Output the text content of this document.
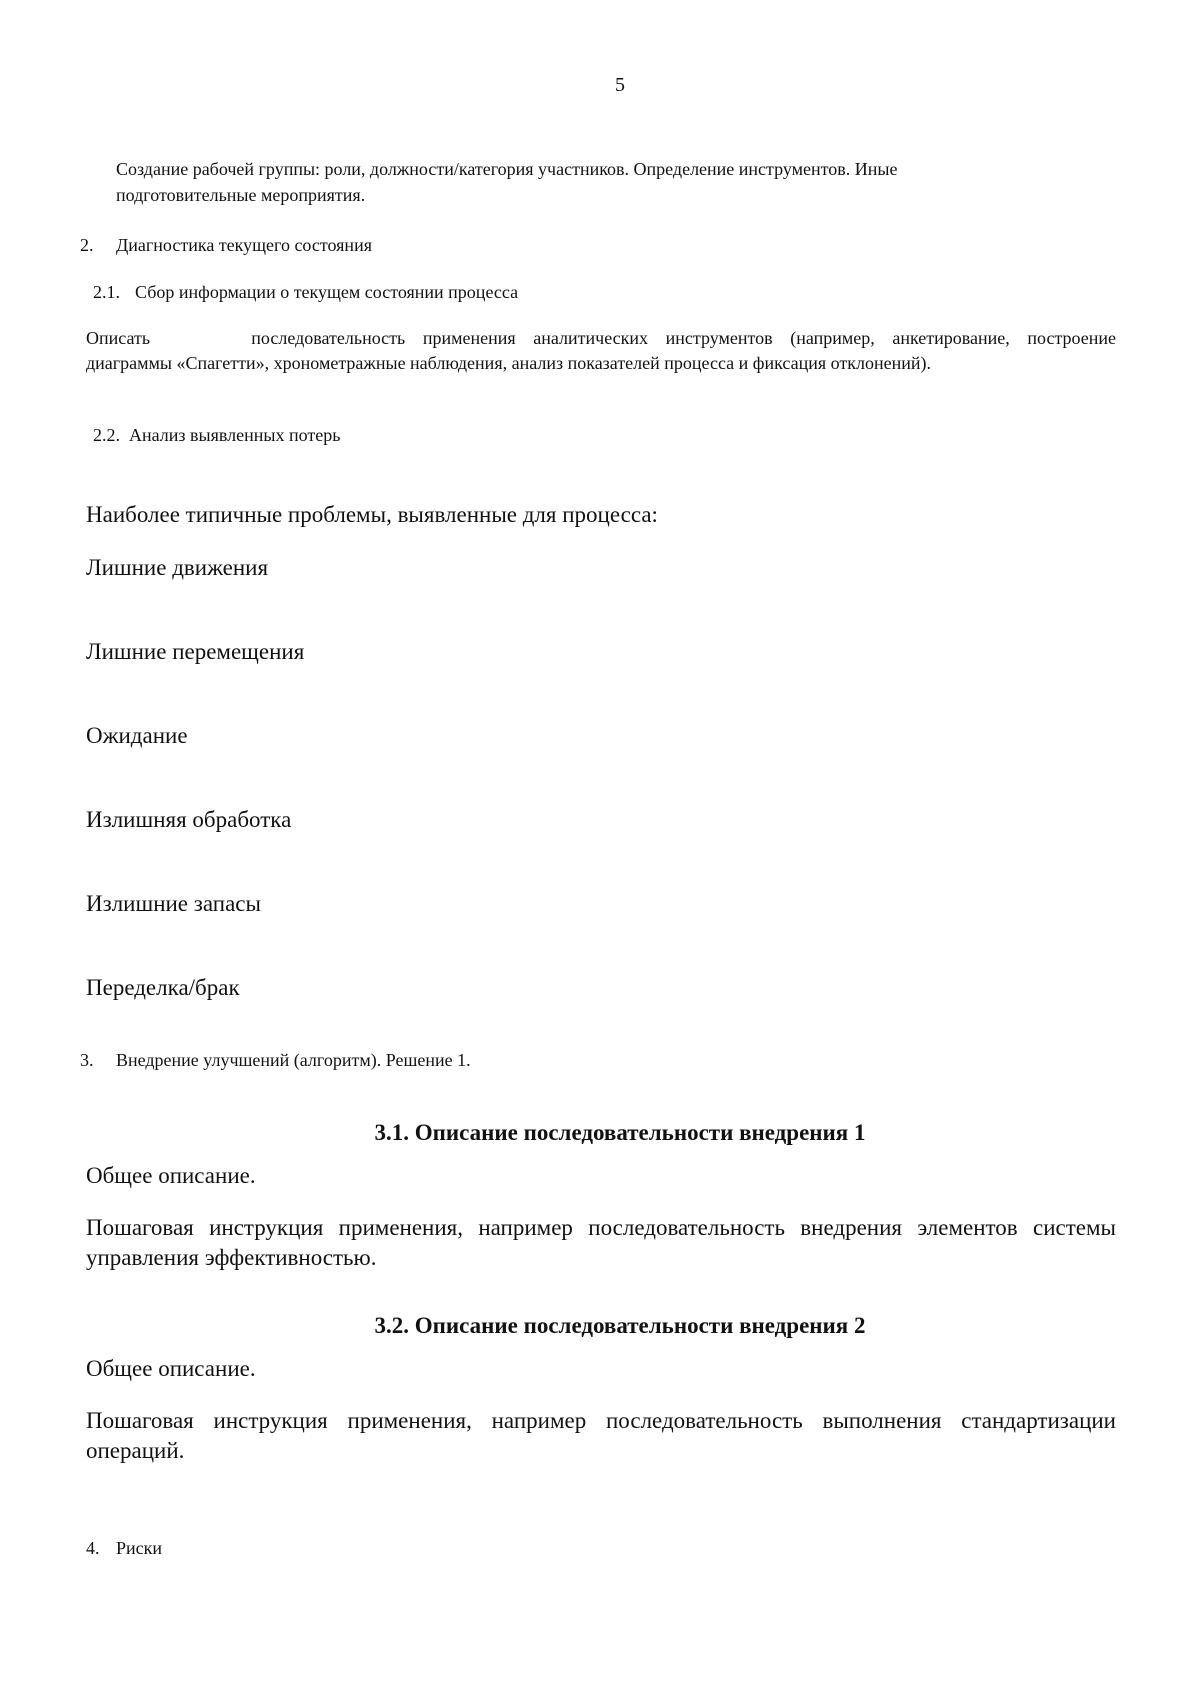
5
Создание рабочей группы: роли, должности/категория участников. Определение инструментов. Иные
подготовительные мероприятия.
2. Диагностика текущего состояния
2.1. Сбор информации о текущем состоянии процесса
Описать	последовательность применения аналитических инструментов (например, анкетирование, построение
диаграммы «Спагетти», хронометражные наблюдения, анализ показателей процесса и фиксация отклонений).
2.2. Анализ выявленных потерь
Наиболее типичные проблемы, выявленные для процесса:
Лишние движения
Лишние перемещения
Ожидание
Излишняя обработка
Излишние запасы
Переделка/брак
3. Внедрение улучшений (алгоритм). Решение 1.
3.1. Описание последовательности внедрения 1
Общее описание.
Пошаговая инструкция применения, например последовательность внедрения элементов системы
управления эффективностью.
3.2. Описание последовательности внедрения 2
Общее описание.
Пошаговая инструкция применения, например последовательность выполнения стандартизации
операций.
4. Риски
